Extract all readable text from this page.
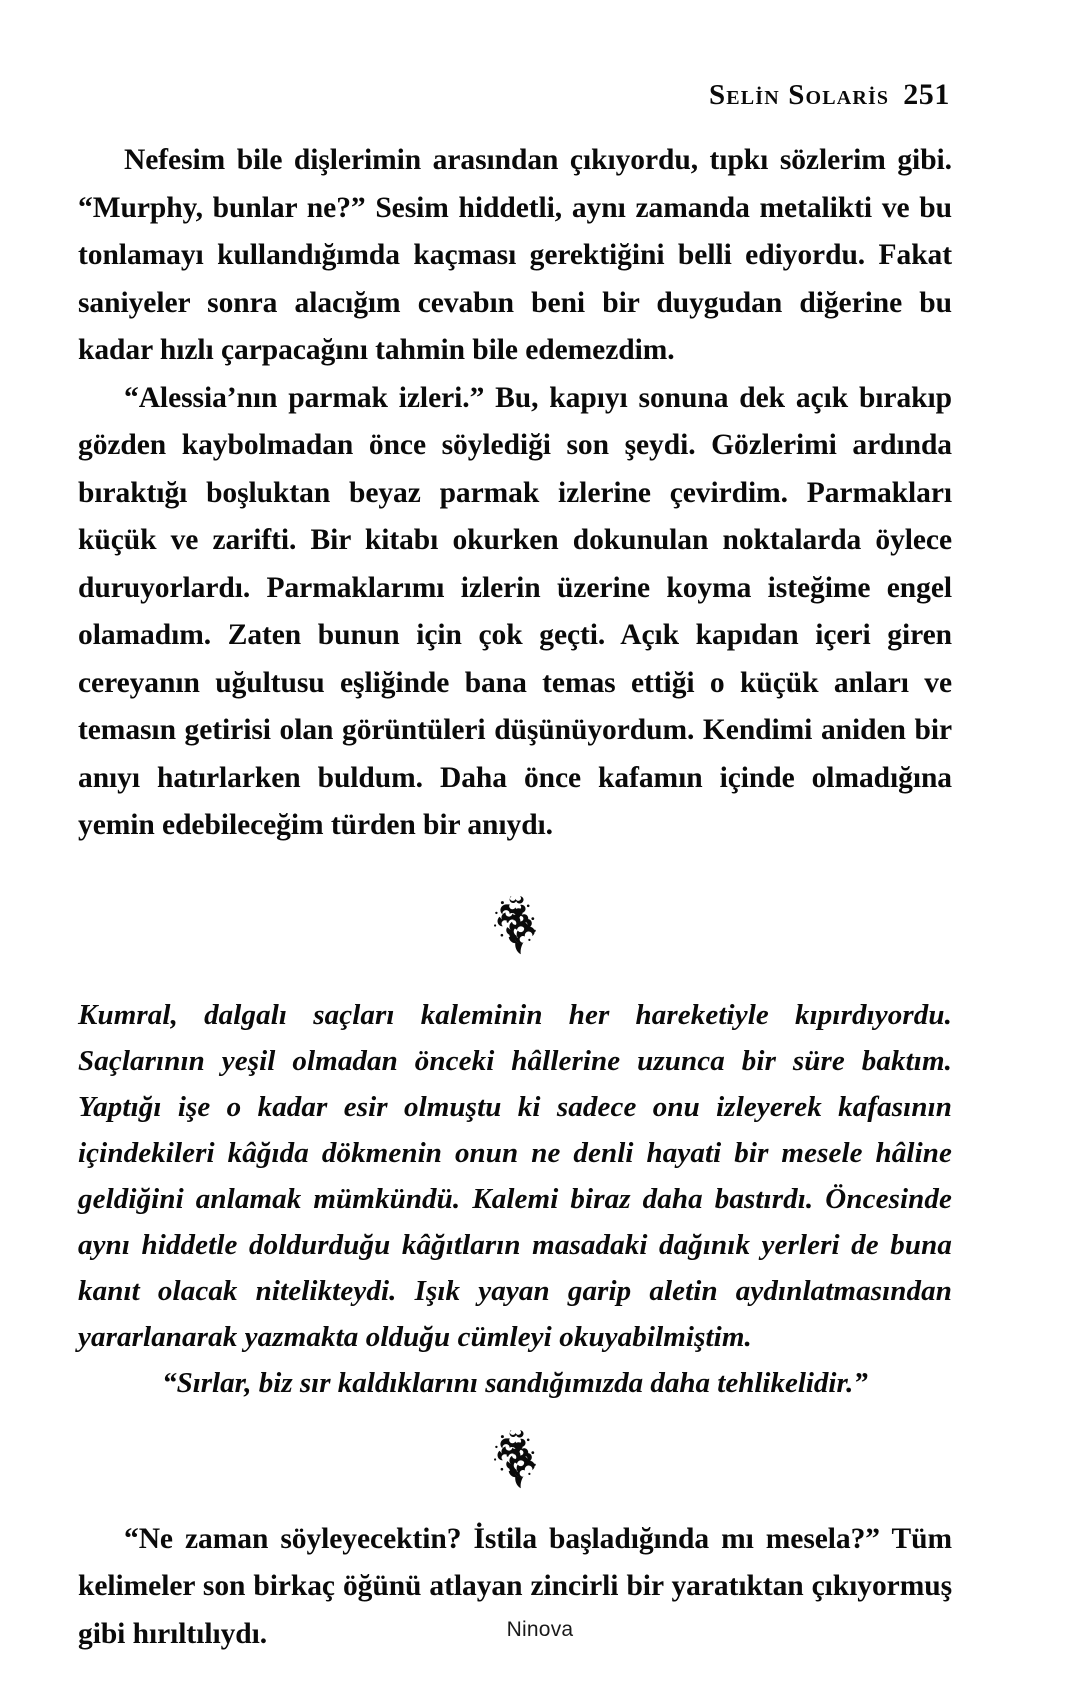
Selin Solaris 251

Nefesim bile dişlerimin arasından çıkıyordu, tıpkı sözlerim gibi. “Murphy, bunlar ne?” Sesim hiddetli, aynı zamanda metalikti ve bu tonlamayı kullandığımda kaçması gerektiğini belli ediyordu. Fakat saniyeler sonra alacığım cevabın beni bir duygudan diğerine bu kadar hızlı çarpacağını tahmin bile edemezdim.

“Alessia’nın parmak izleri.” Bu, kapıyı sonuna dek açık bırakıp gözden kaybolmadan önce söylediği son şeydi. Gözlerimi ardında bıraktığı boşluktan beyaz parmak izlerine çevirdim. Parmakları küçük ve zarifti. Bir kitabı okurken dokunulan noktalarda öylece duruyorlardı. Parmaklarımı izlerin üzerine koyma isteğime engel olamadım. Zaten bunun için çok geçti. Açık kapıdan içeri giren cereyanın uğultusu eşliğinde bana temas ettiği o küçük anları ve temasın getirisi olan görüntüleri düşünüyordum. Kendimi aniden bir anıyı hatırlarken buldum. Daha önce kafamın içinde olmadığına yemin edebileceğim türden bir anıydı.

Kumral, dalgalı saçları kaleminin her hareketiyle kıpırdıyordu. Saçlarının yeşil olmadan önceki hâllerine uzunca bir süre baktım. Yaptığı işe o kadar esir olmuştu ki sadece onu izleyerek kafasının içindekileri kâğıda dökmenin onun ne denli hayati bir mesele hâline geldiğini anlamak mümkündü. Kalemi biraz daha bastırdı. Öncesinde aynı hiddetle doldurduğu kâğıtların masadaki dağınık yerleri de buna kanıt olacak nitelikteydi. Işık yayan garip aletin aydınlatmasından yararlanarak yazmakta olduğu cümleyi okuyabilmiştim.

“Sırlar, biz sır kaldıklarını sandığımızda daha tehlikelidir.”

“Ne zaman söyleyecektin? İstila başladığında mı mesela?” Tüm kelimeler son birkaç öğünü atlayan zincirli bir yaratıktan çıkıyormuş gibi hırıltılıydı.	Ninova
